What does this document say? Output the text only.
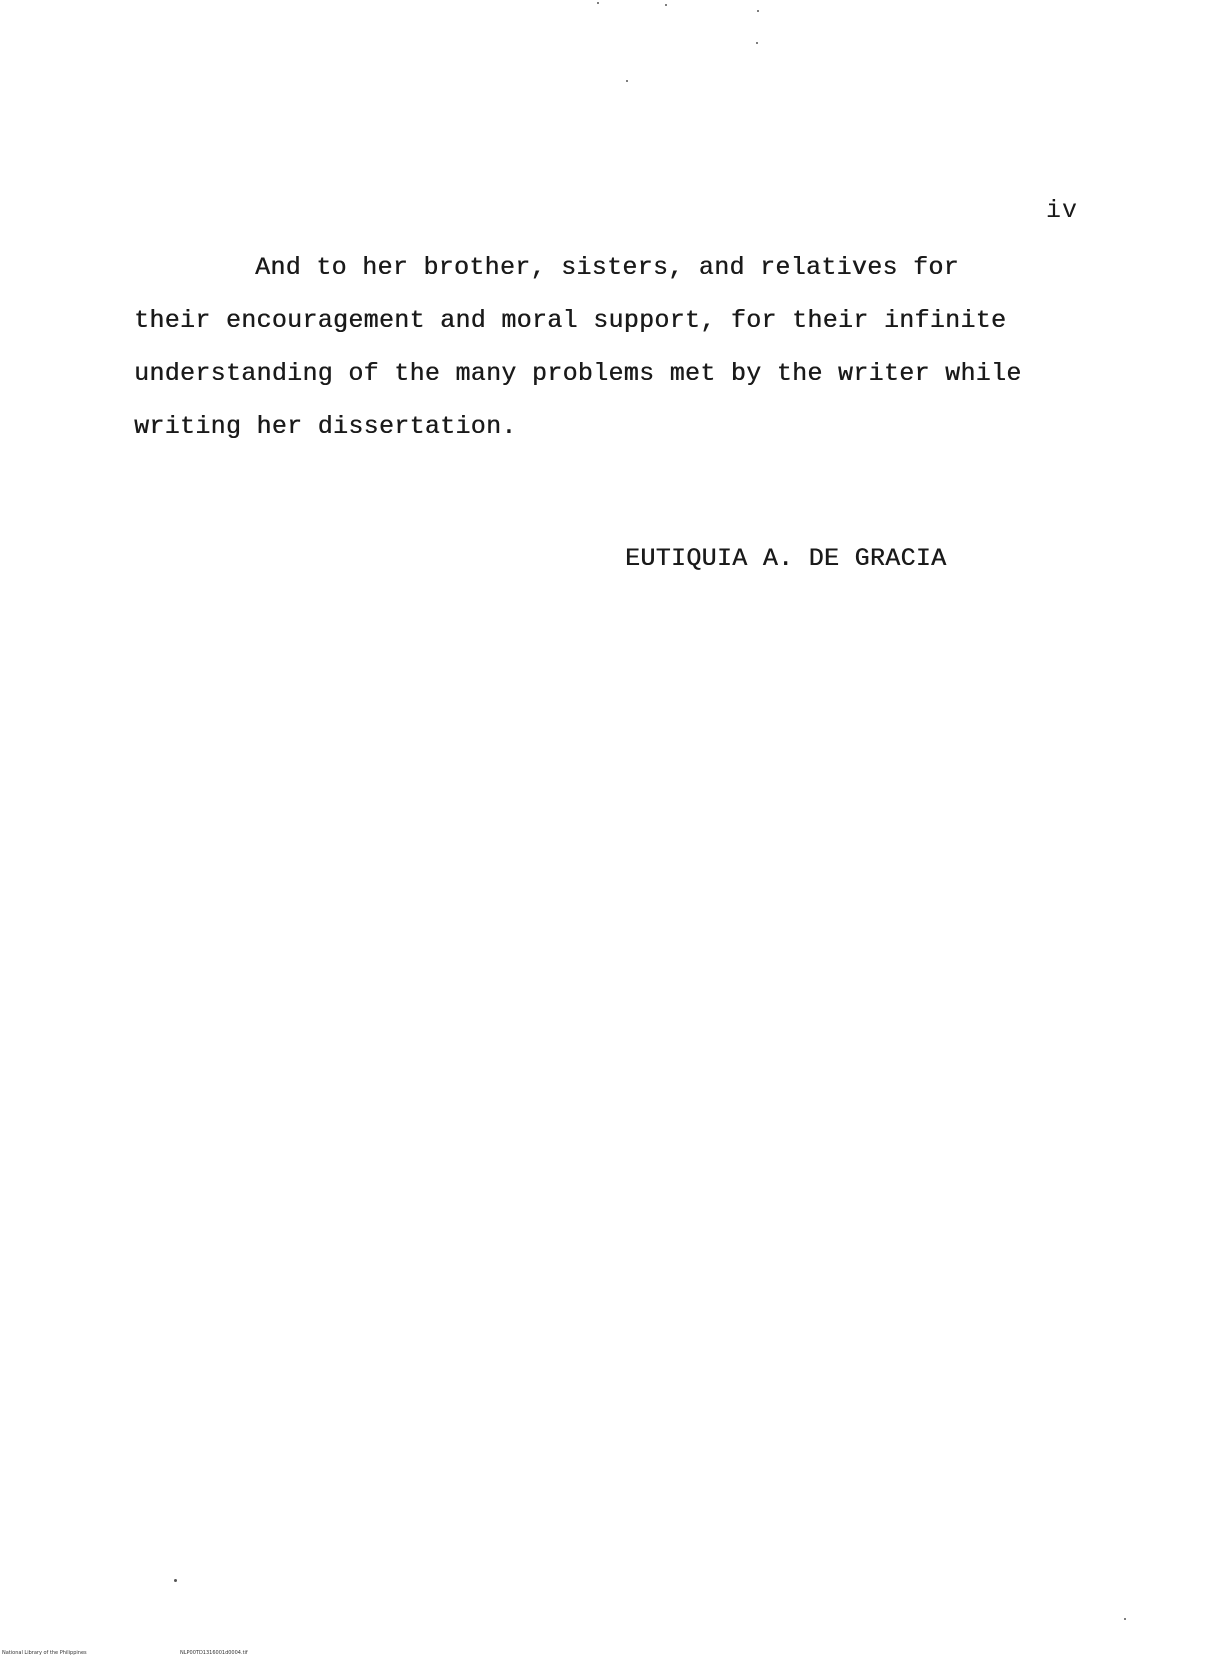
iv
And to her brother, sisters, and relatives for
their encouragement and moral support, for their infinite
understanding of the many problems met by the writer while
writing her dissertation.
EUTIQUIA A. DE GRACIA
National Library of the Philippines	NLP00TD1316001d0004.tif
